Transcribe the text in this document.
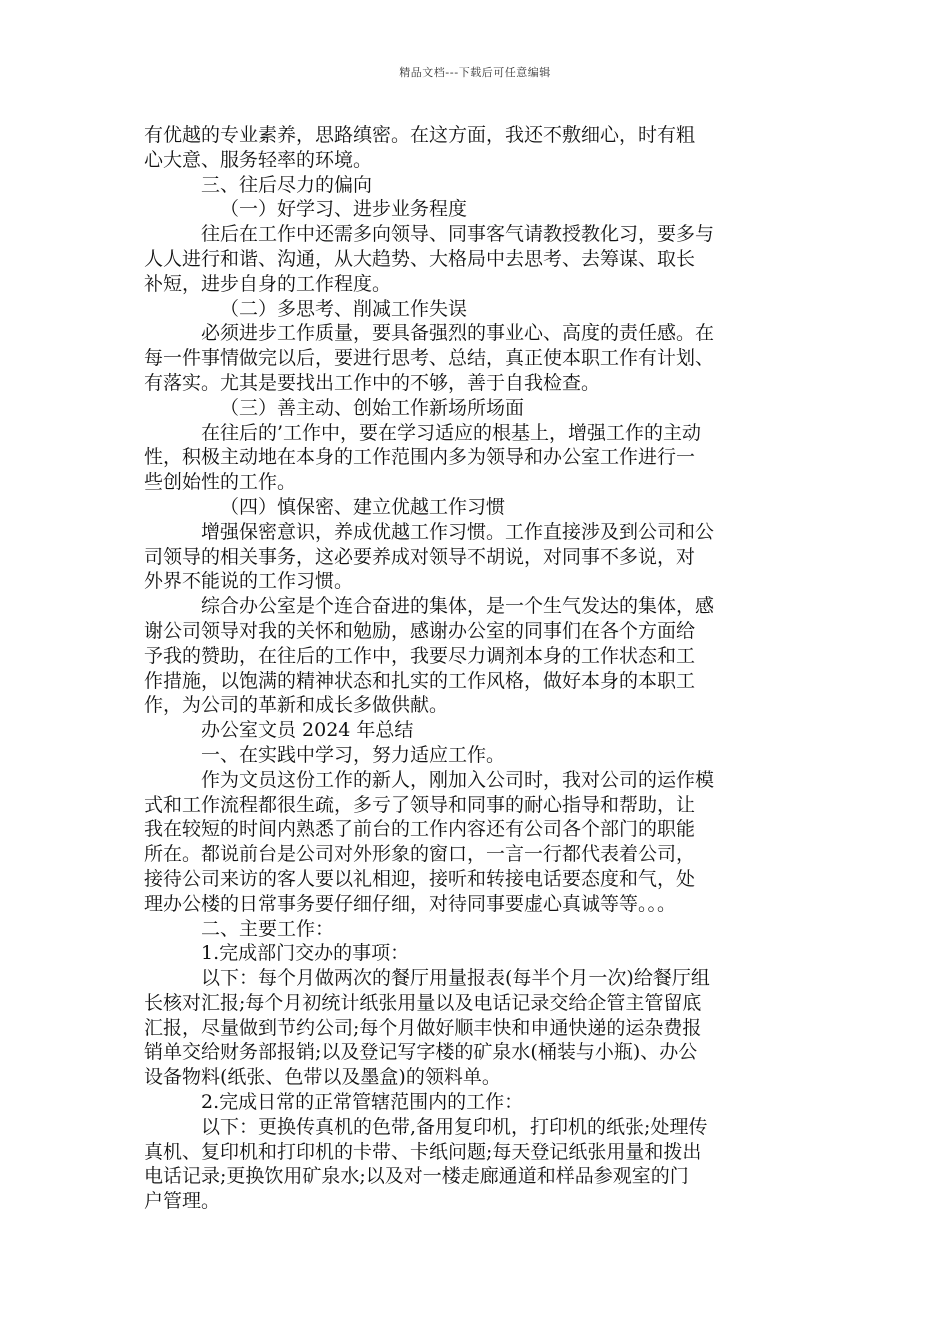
精品文档---下载后可任意编辑
有优越的专业素养，思路缜密。在这方面，我还不敷细心，时有粗
心大意、服务轻率的环境。
三、往后尽力的偏向
（一）好学习、进步业务程度
往后在工作中还需多向领导、同事客气请教授教化习，要多与
人人进行和谐、沟通，从大趋势、大格局中去思考、去筹谋、取长
补短，进步自身的工作程度。
（二）多思考、削减工作失误
必须进步工作质量，要具备强烈的事业心、高度的责任感。在
每一件事情做完以后，要进行思考、总结，真正使本职工作有计划、
有落实。尤其是要找出工作中的不够，善于自我检查。
（三）善主动、创始工作新场所场面
在往后的’工作中，要在学习适应的根基上，增强工作的主动
性，积极主动地在本身的工作范围内多为领导和办公室工作进行一
些创始性的工作。
（四）慎保密、建立优越工作习惯
增强保密意识，养成优越工作习惯。工作直接涉及到公司和公
司领导的相关事务，这必要养成对领导不胡说，对同事不多说，对
外界不能说的工作习惯。
综合办公室是个连合奋进的集体，是一个生气发达的集体，感
谢公司领导对我的关怀和勉励，感谢办公室的同事们在各个方面给
予我的赞助，在往后的工作中，我要尽力调剂本身的工作状态和工
作措施，以饱满的精神状态和扎实的工作风格，做好本身的本职工
作，为公司的革新和成长多做供献。
办公室文员 2024 年总结
一、在实践中学习，努力适应工作。
作为文员这份工作的新人，刚加入公司时，我对公司的运作模
式和工作流程都很生疏，多亏了领导和同事的耐心指导和帮助，让
我在较短的时间内熟悉了前台的工作内容还有公司各个部门的职能
所在。都说前台是公司对外形象的窗口，一言一行都代表着公司，
接待公司来访的客人要以礼相迎，接听和转接电话要态度和气，处
理办公楼的日常事务要仔细仔细，对待同事要虚心真诚等等。。。
二、主要工作：
1.完成部门交办的事项：
以下：每个月做两次的餐厅用量报表(每半个月一次)给餐厅组
长核对汇报;每个月初统计纸张用量以及电话记录交给企管主管留底
汇报，尽量做到节约公司;每个月做好顺丰快和申通快递的运杂费报
销单交给财务部报销;以及登记写字楼的矿泉水(桶装与小瓶)、办公
设备物料(纸张、色带以及墨盒)的领料单。
2.完成日常的正常管辖范围内的工作：
以下：更换传真机的色带,备用复印机，打印机的纸张;处理传
真机、复印机和打印机的卡带、卡纸问题;每天登记纸张用量和拨出
电话记录;更换饮用矿泉水;以及对一楼走廊通道和样品参观室的门
户管理。
